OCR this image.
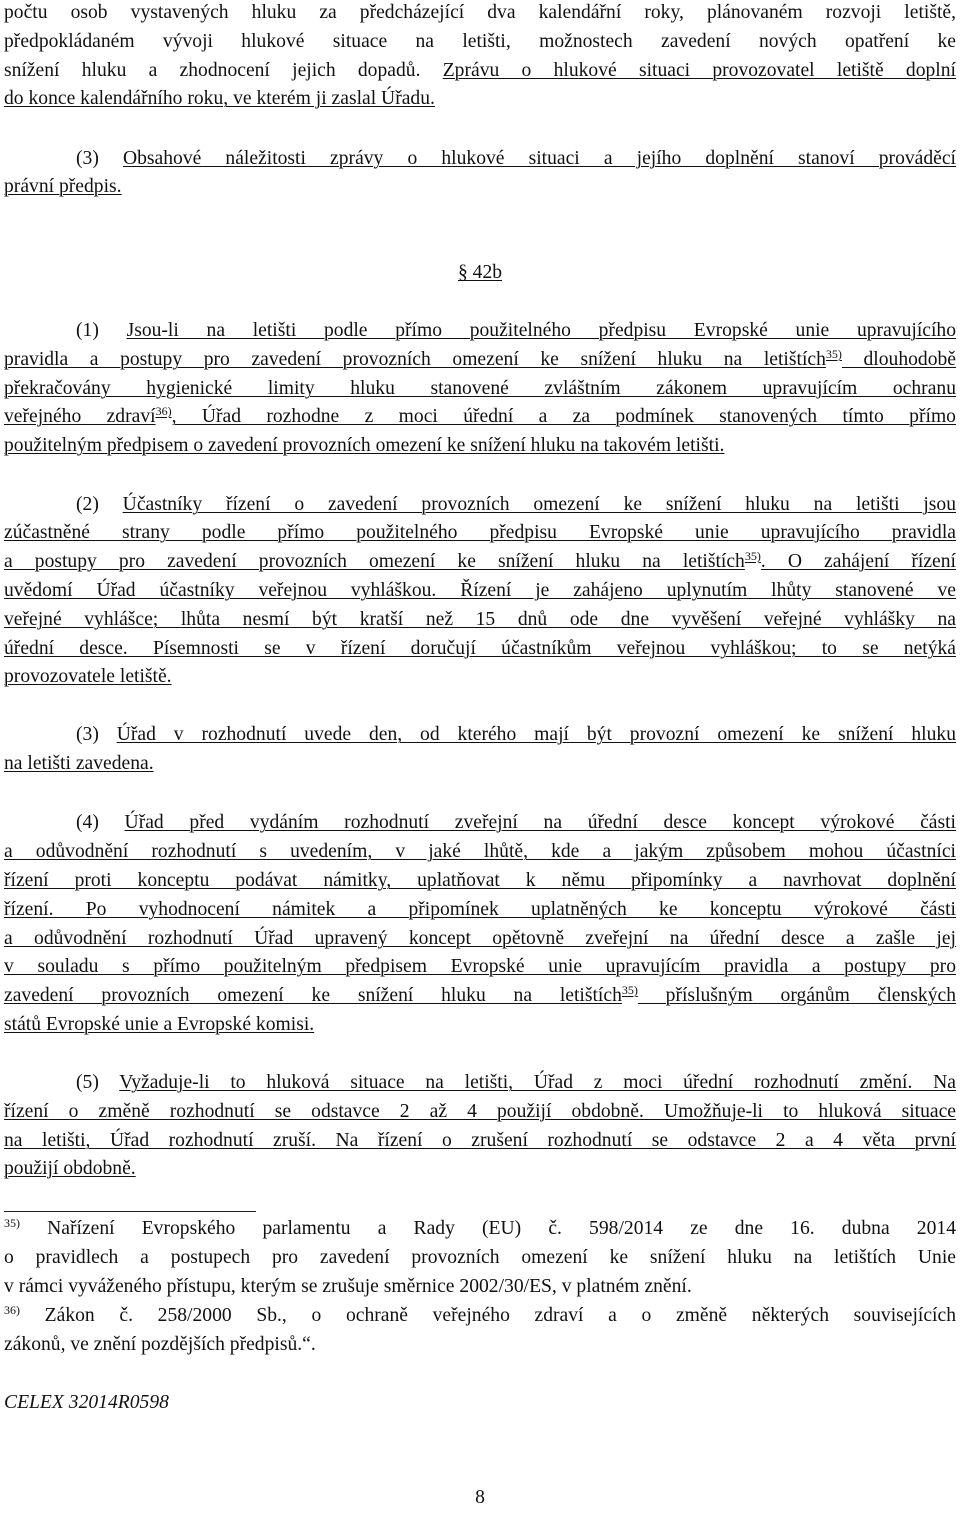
počtu osob vystavených hluku za předcházející dva kalendářní roky, plánovaném rozvoji letiště,
předpokládaném vývoji hlukové situace na letišti, možnostech zavedení nových opatření ke
snížení hluku a zhodnocení jejich dopadů. Zprávu o hlukové situaci provozovatel letiště doplní
do konce kalendářního roku, ve kterém ji zaslal Úřadu.
(3) Obsahové náležitosti zprávy o hlukové situaci a jejího doplnění stanoví prováděcí
právní předpis.
§ 42b
(1) Jsou-li na letišti podle přímo použitelného předpisu Evropské unie upravujícího
pravidla a postupy pro zavedení provozních omezení ke snížení hluku na letištích$^{35)}$ dlouhodobě
překračovány hygienické limity hluku stanovené zvláštním zákonem upravujícím ochranu
veřejného zdraví$^{36)}$, Úřad rozhodne z moci úřední a za podmínek stanovených tímto přímo
použitelným předpisem o zavedení provozních omezení ke snížení hluku na takovém letišti.
(2) Účastníky řízení o zavedení provozních omezení ke snížení hluku na letišti jsou
zúčastněné strany podle přímo použitelného předpisu Evropské unie upravujícího pravidla
a postupy pro zavedení provozních omezení ke snížení hluku na letištích$^{35)}$. O zahájení řízení
uvědomí Úřad účastníky veřejnou vyhláškou. Řízení je zahájeno uplynutím lhůty stanovené ve
veřejné vyhlášce; lhůta nesmí být kratší než 15 dnů ode dne vyvěšení veřejné vyhlášky na
úřední desce. Písemnosti se v řízení doručují účastníkům veřejnou vyhláškou; to se netýká
provozovatele letiště.
(3) Úřad v rozhodnutí uvede den, od kterého mají být provozní omezení ke snížení hluku
na letišti zavedena.
(4) Úřad před vydáním rozhodnutí zveřejní na úřední desce koncept výrokové části
a odůvodnění rozhodnutí s uvedením, v jaké lhůtě, kde a jakým způsobem mohou účastníci
řízení proti konceptu podávat námitky, uplatňovat k němu připomínky a navrhovat doplnění
řízení. Po vyhodnocení námitek a připomínek uplatněných ke konceptu výrokové části
a odůvodnění rozhodnutí Úřad upravený koncept opětovně zveřejní na úřední desce a zašle jej
v souladu s přímo použitelným předpisem Evropské unie upravujícím pravidla a postupy pro
zavedení provozních omezení ke snížení hluku na letištích$^{35)}$ příslušným orgánům členských
států Evropské unie a Evropské komisi.
(5) Vyžaduje-li to hluková situace na letišti, Úřad z moci úřední rozhodnutí změní. Na
řízení o změně rozhodnutí se odstavce 2 až 4 použijí obdobně. Umožňuje-li to hluková situace
na letišti, Úřad rozhodnutí zruší. Na řízení o zrušení rozhodnutí se odstavce 2 a 4 věta první
použijí obdobně.
$^{35)}$ Nařízení Evropského parlamentu a Rady (EU) č. 598/2014 ze dne 16. dubna 2014
o pravidlech a postupech pro zavedení provozních omezení ke snížení hluku na letištích Unie
v rámci vyváženého přístupu, kterým se zrušuje směrnice 2002/30/ES, v platném znění.
$^{36)}$ Zákon č. 258/2000 Sb., o ochraně veřejného zdraví a o změně některých souvisejících
zákonů, ve znění pozdějších předpisů.“.
CELEX 32014R0598
8
